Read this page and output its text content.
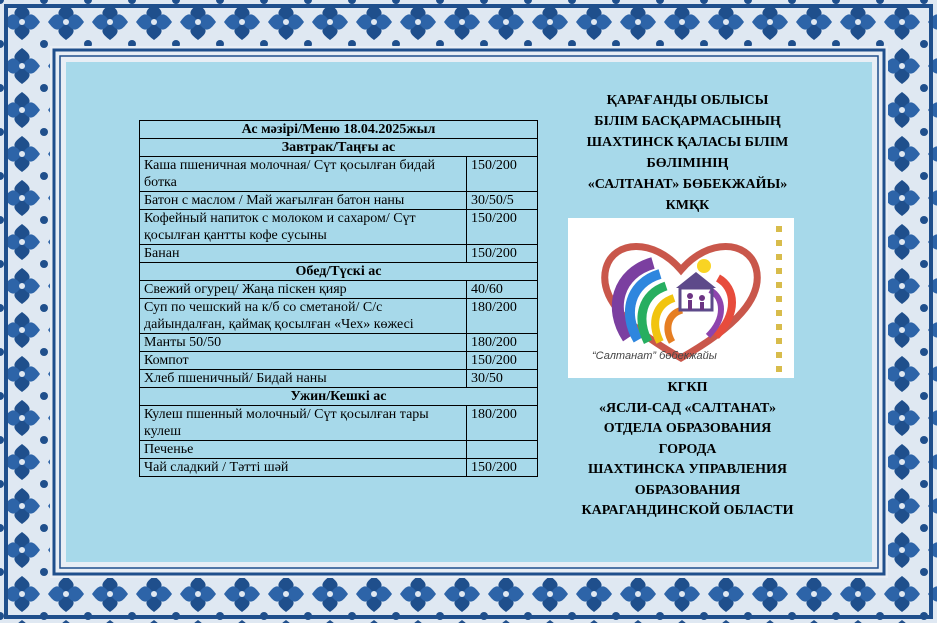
Ас мәзірі/Меню 18.04.2025жыл	
Завтрак/Таңғы ас	
Каша пшеничная молочная/ Сүт қосылған бидай ботка	150/200
Батон с маслом / Май жағылған батон наны	30/50/5
Кофейный напиток с молоком и сахаром/ Сүт қосылған қантты кофе сусыны	150/200
Банан	150/200
Обед/Түскі ас	
Свежий огурец/ Жаңа піскен қияр	40/60
Суп по чешский на к/б со сметаной/ С/с дайындалған, қаймақ қосылған «Чех» көжесі	180/200
Манты 50/50	180/200
Компот	150/200
Хлеб пшеничный/ Бидай наны	30/50
Ужин/Кешкі ас	
Кулеш пшенный молочный/ Сүт қосылған тары кулеш	180/200
Печенье	
Чай сладкий / Тәтті шәй	150/200
ҚАРАҒАНДЫ ОБЛЫСЫ
БІЛІМ БАСҚАРМАСЫНЫҢ
ШАХТИНСК ҚАЛАСЫ БІЛІМ
БӨЛІМІНІҢ
«САЛТАНАТ» БӨБЕКЖАЙЫ»
КМҚК
“Салтанат” бөбекжайы
КГКП
«ЯСЛИ-САД «САЛТАНАТ»
ОТДЕЛА ОБРАЗОВАНИЯ
ГОРОДА
ШАХТИНСКА УПРАВЛЕНИЯ
ОБРАЗОВАНИЯ
КАРАГАНДИНСКОЙ ОБЛАСТИ
